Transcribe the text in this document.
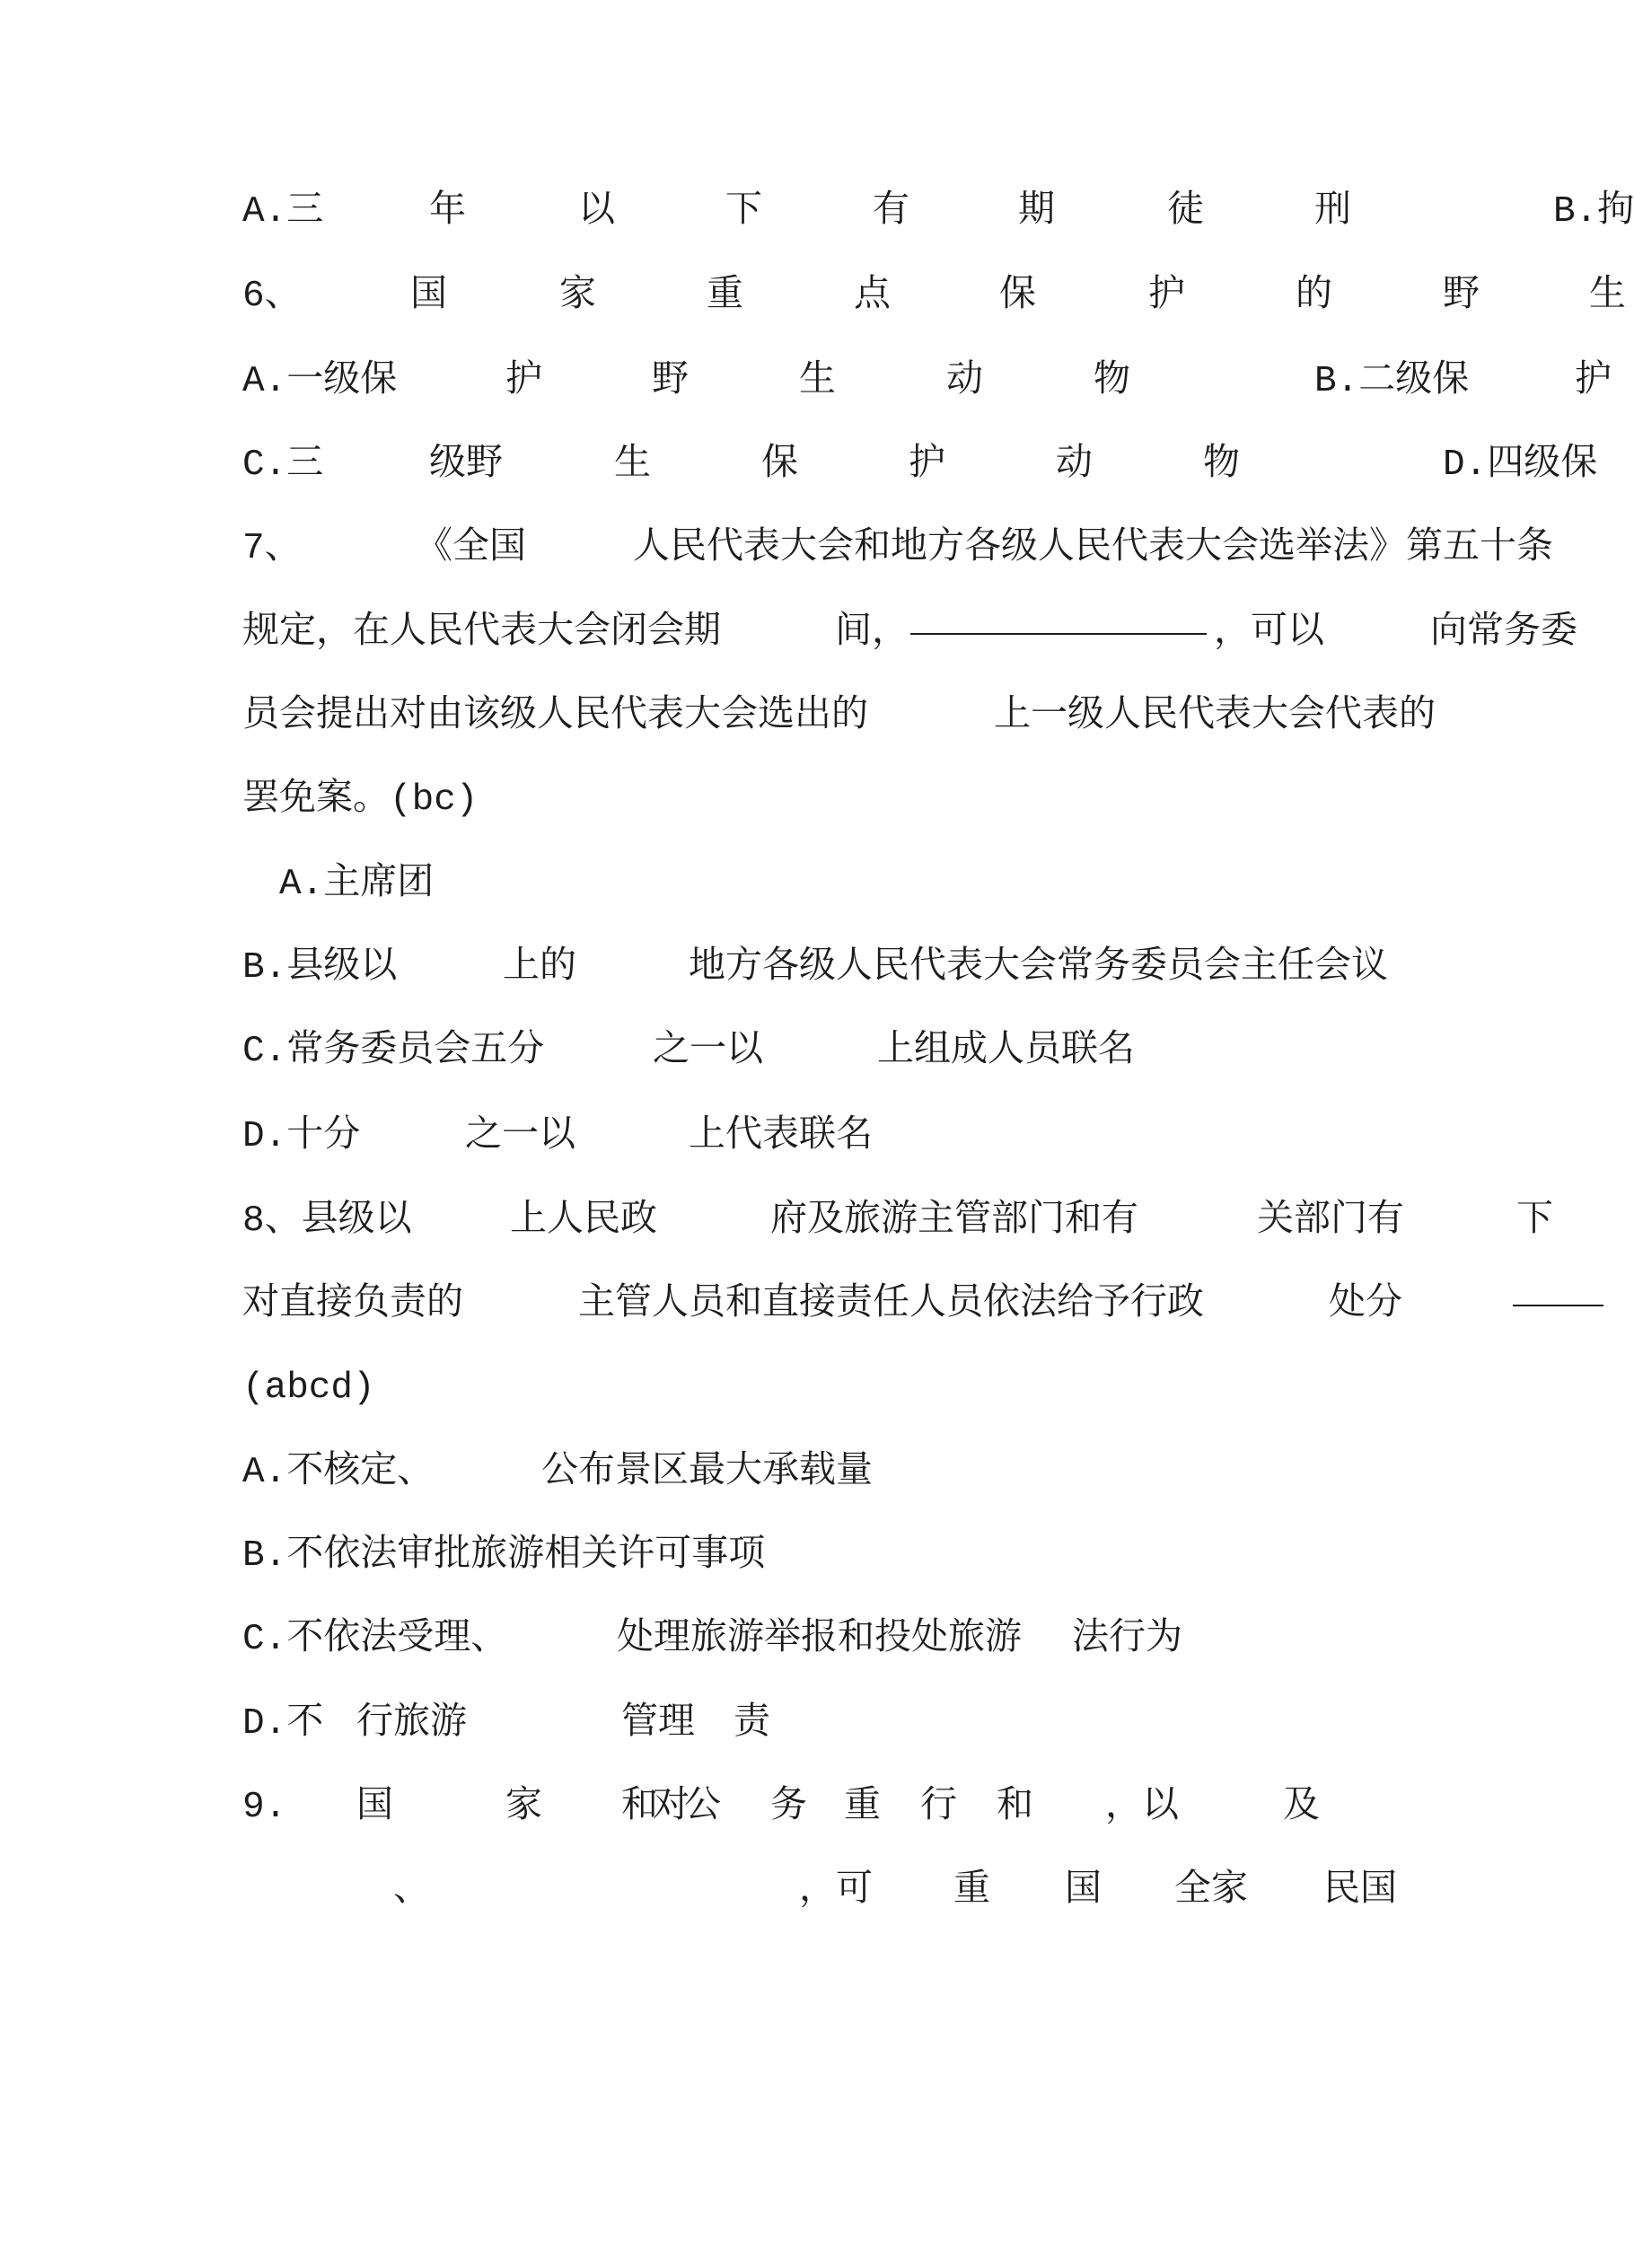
A.三	年	以	下	有	期	徒	刑	B.拘
6、	国	家	重	点	保	护	的	野	生
A.一级保	护	野	生	动	物	B.二级保	护
C.三	级野	生	保	护	动	物	D.四级保
7、	《全国	人民代表大会和地方各级人民代表大会选举法》第五十条
规定，在人民代表大会闭会期	间，	，可以	向常务委
员会提出对由该级人民代表大会选出的	上一级人民代表大会代表的
罢免案。(bc)
A.主席团
B.县级以	上的	地方各级人民代表大会常务委员会主任会议
C.常务委员会五分	之一以	上组成人员联名
D.十分	之一以	上代表联名
8、县级以	上人民政	府及旅游主管部门和有	关部门有	下
对直接负责的	主管人员和直接责任人员依法给予行政	处分
(abcd)
A.不核定、	公布景区最大承载量
B.不依法审批旅游相关许可事项
C.不依法受理、	处理旅游举报和投处旅游 法行为
D.不 行旅游	管理 责
9. 国	家 和对公 务 重 行 和 ，以	及
、	，可 重 国 全家 民国
